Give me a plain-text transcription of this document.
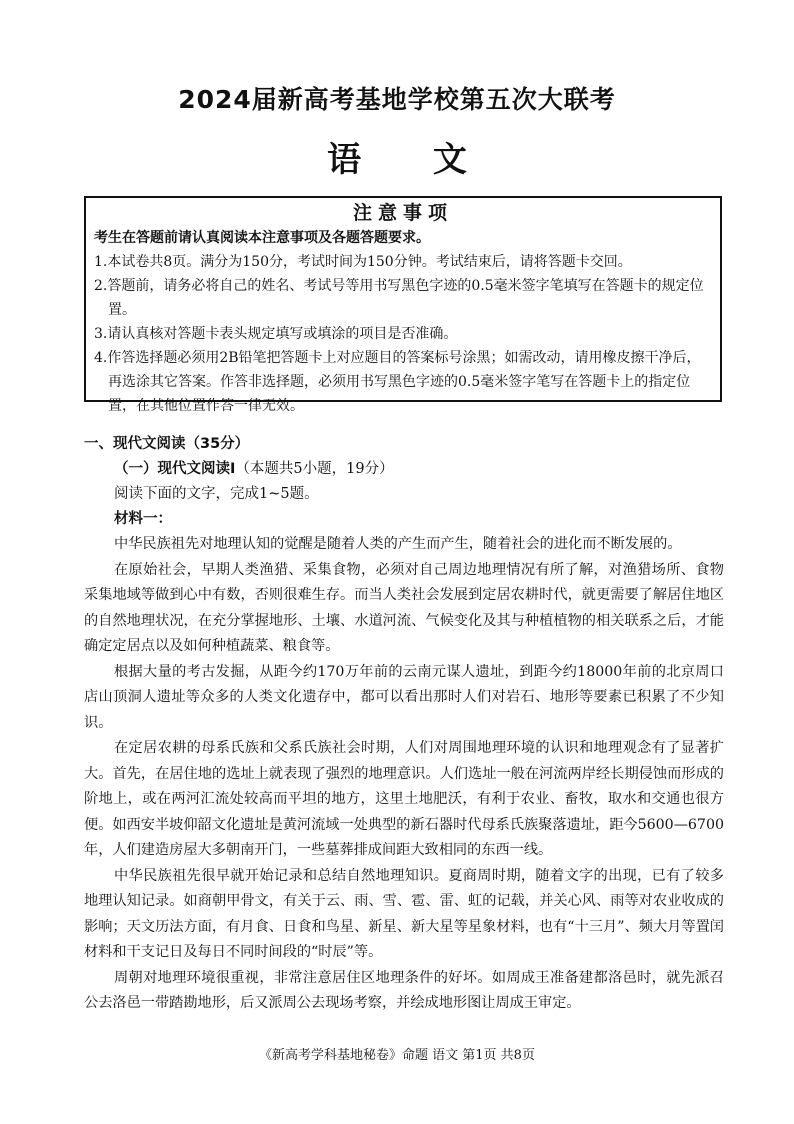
2024届新高考基地学校第五次大联考
语 文
注意事项
考生在答题前请认真阅读本注意事项及各题答题要求。
1.本试卷共8页。满分为150分，考试时间为150分钟。考试结束后，请将答题卡交回。
2.答题前，请务必将自己的姓名、考试号等用书写黑色字迹的0.5毫米签字笔填写在答题卡的规定位置。
3.请认真核对答题卡表头规定填写或填涂的项目是否准确。
4.作答选择题必须用2B铅笔把答题卡上对应题目的答案标号涂黑；如需改动，请用橡皮擦干净后，再选涂其它答案。作答非选择题，必须用书写黑色字迹的0.5毫米签字笔写在答题卡上的指定位置，在其他位置作答一律无效。
一、现代文阅读（35分）
（一）现代文阅读Ⅰ（本题共5小题，19分）
阅读下面的文字，完成1~5题。
材料一：
中华民族祖先对地理认知的觉醒是随着人类的产生而产生，随着社会的进化而不断发展的。
在原始社会，早期人类渔猎、采集食物，必须对自己周边地理情况有所了解，对渔猎场所、食物采集地域等做到心中有数，否则很难生存。而当人类社会发展到定居农耕时代，就更需要了解居住地区的自然地理状况，在充分掌握地形、土壤、水道河流、气候变化及其与种植植物的相关联系之后，才能确定定居点以及如何种植蔬菜、粮食等。
根据大量的考古发掘，从距今约170万年前的云南元谋人遗址，到距今约18000年前的北京周口店山顶洞人遗址等众多的人类文化遗存中，都可以看出那时人们对岩石、地形等要素已积累了不少知识。
在定居农耕的母系氏族和父系氏族社会时期，人们对周围地理环境的认识和地理观念有了显著扩大。首先，在居住地的选址上就表现了强烈的地理意识。人们选址一般在河流两岸经长期侵蚀而形成的阶地上，或在两河汇流处较高而平坦的地方，这里土地肥沃，有利于农业、畜牧，取水和交通也很方便。如西安半坡仰韶文化遗址是黄河流域一处典型的新石器时代母系氏族聚落遗址，距今5600—6700年，人们建造房屋大多朝南开门，一些墓葬排成间距大致相同的东西一线。
中华民族祖先很早就开始记录和总结自然地理知识。夏商周时期，随着文字的出现，已有了较多地理认知记录。如商朝甲骨文，有关于云、雨、雪、雹、雷、虹的记载，并关心风、雨等对农业收成的影响；天文历法方面，有月食、日食和鸟星、新星、新大星等星象材料，也有“十三月”、频大月等置闰材料和干支记日及每日不同时间段的“时辰”等。
周朝对地理环境很重视，非常注意居住区地理条件的好坏。如周成王准备建都洛邑时，就先派召公去洛邑一带踏勘地形，后又派周公去现场考察，并绘成地形图让周成王审定。
《新高考学科基地秘卷》命题 语文 第1页 共8页
